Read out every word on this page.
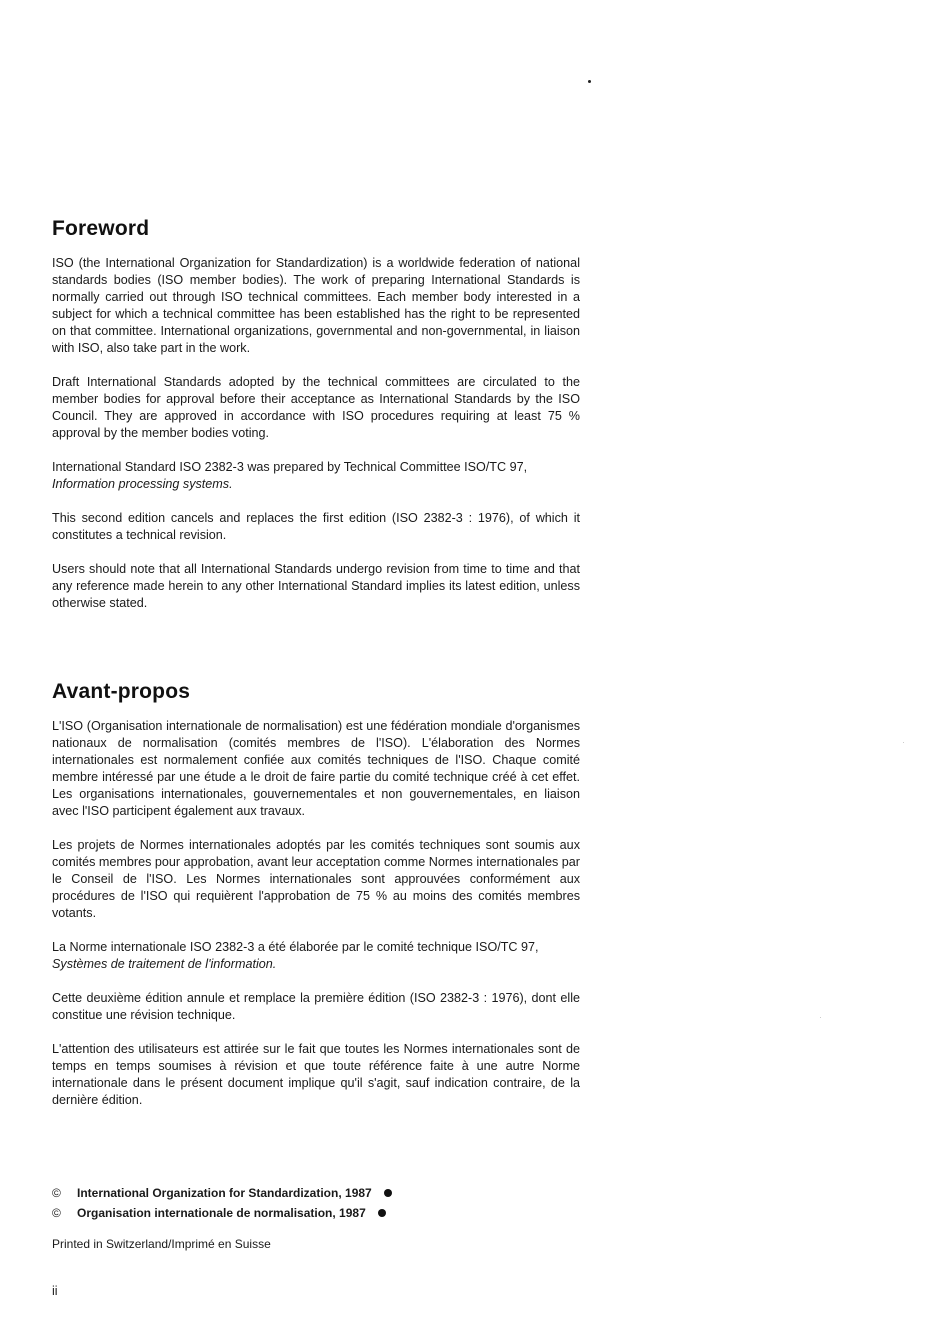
Foreword

ISO (the International Organization for Standardization) is a worldwide federation of national standards bodies (ISO member bodies). The work of preparing International Standards is normally carried out through ISO technical committees. Each member body interested in a subject for which a technical committee has been established has the right to be represented on that committee. International organizations, governmental and non-governmental, in liaison with ISO, also take part in the work.

Draft International Standards adopted by the technical committees are circulated to the member bodies for approval before their acceptance as International Standards by the ISO Council. They are approved in accordance with ISO procedures requiring at least 75 % approval by the member bodies voting.

International Standard ISO 2382-3 was prepared by Technical Committee ISO/TC 97,
Information processing systems.

This second edition cancels and replaces the first edition (ISO 2382-3 : 1976), of which it constitutes a technical revision.

Users should note that all International Standards undergo revision from time to time and that any reference made herein to any other International Standard implies its latest edition, unless otherwise stated.

Avant-propos

L'ISO (Organisation internationale de normalisation) est une fédération mondiale d'organismes nationaux de normalisation (comités membres de l'ISO). L'élaboration des Normes internationales est normalement confiée aux comités techniques de l'ISO. Chaque comité membre intéressé par une étude a le droit de faire partie du comité technique créé à cet effet. Les organisations internationales, gouvernementales et non gouvernementales, en liaison avec l'ISO participent également aux travaux.

Les projets de Normes internationales adoptés par les comités techniques sont soumis aux comités membres pour approbation, avant leur acceptation comme Normes internationales par le Conseil de l'ISO. Les Normes internationales sont approuvées conformément aux procédures de l'ISO qui requièrent l'approbation de 75 % au moins des comités membres votants.

La Norme internationale ISO 2382-3 a été élaborée par le comité technique ISO/TC 97,
Systèmes de traitement de l'information.

Cette deuxième édition annule et remplace la première édition (ISO 2382-3 : 1976), dont elle constitue une révision technique.

L'attention des utilisateurs est attirée sur le fait que toutes les Normes internationales sont de temps en temps soumises à révision et que toute référence faite à une autre Norme internationale dans le présent document implique qu'il s'agit, sauf indication contraire, de la dernière édition.

© International Organization for Standardization, 1987
© Organisation internationale de normalisation, 1987
Printed in Switzerland/Imprimé en Suisse
ii
